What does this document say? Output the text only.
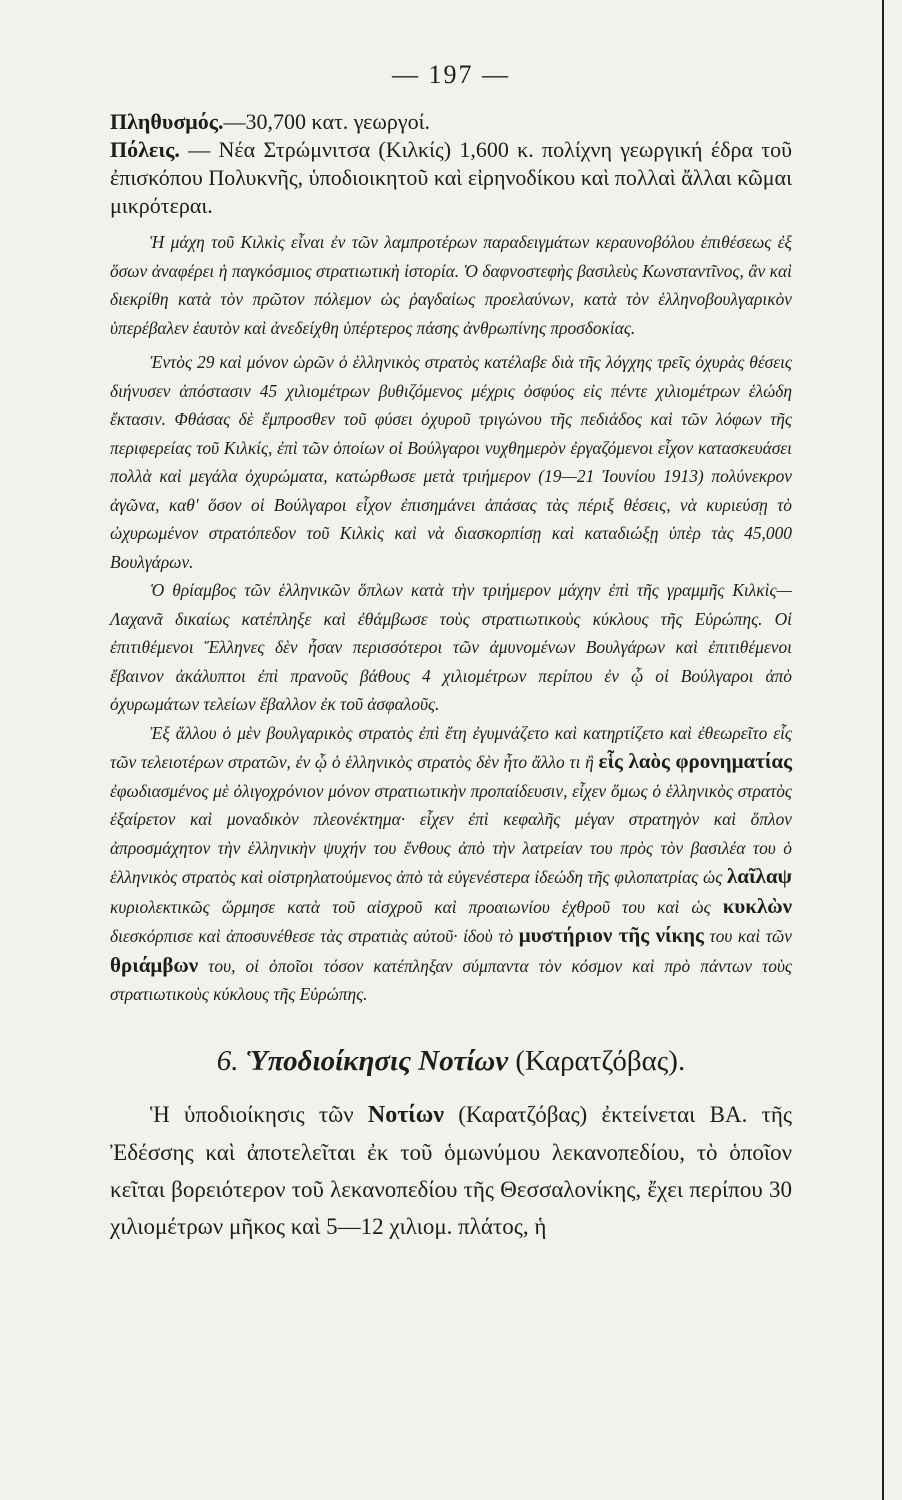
— 197 —

Πληθυσμός.—30,700 κατ. γεωργοί.

Πόλεις. — Νέα Στρώμνιτσα (Κιλκίς) 1,600 κ. πολίχνη γεωργική έδρα τοῦ ἐπισκόπου Πολυκνῆς, ὑποδιοικητοῦ καὶ εἰρηνοδίκου καὶ πολλαὶ ἄλλαι κῶμαι μικρότεραι.

Ἡ μάχη τοῦ Κιλκὶς εἶναι ἐν τῶν λαμπροτέρων παραδειγμάτων κεραυνοβόλου ἐπιθέσεως ἐξ ὅσων ἀναφέρει ἡ παγκόσμιος στρατιωτικὴ ἱστορία. Ὁ δαφνοστεφὴς βασιλεὺς Κωνσταντῖνος, ἂν καὶ διεκρίθη κατὰ τὸν πρῶτον πόλεμον ὡς ῥαγδαίως προελαύνων, κατὰ τὸν ἑλληνοβουλγαρικὸν ὑπερέβαλεν ἑαυτὸν καὶ ἀνεδείχθη ὑπέρτερος πάσης ἀνθρωπίνης προσδοκίας.

Ἐντὸς 29 καὶ μόνον ὡρῶν ὁ ἑλληνικὸς στρατὸς κατέλαβε διὰ τῆς λόγχης τρεῖς ὀχυρὰς θέσεις διήνυσεν ἀπόστασιν 45 χιλιομέτρων βυθιζόμενος μέχρις ὀσφύος εἰς πέντε χιλιομέτρων ἑλώδη ἔκτασιν. Φθάσας δὲ ἔμπροσθεν τοῦ φύσει ὀχυροῦ τριγώνου τῆς πεδιάδος καὶ τῶν λόφων τῆς περιφερείας τοῦ Κιλκίς, ἐπὶ τῶν ὁποίων οἱ Βούλγαροι νυχθημερὸν ἐργαζόμενοι εἶχον κατασκευάσει πολλὰ καὶ μεγάλα ὀχυρώματα, κατώρθωσε μετὰ τριήμερον (19—21 Ἰουνίου 1913) πολύνεκρον ἀγῶνα, καθ' ὅσον οἱ Βούλγαροι εἶχον ἐπισημάνει ἁπάσας τὰς πέριξ θέσεις, νὰ κυριεύσῃ τὸ ὠχυρωμένον στρατόπεδον τοῦ Κιλκὶς καὶ νὰ διασκορπίσῃ καὶ καταδιώξῃ ὑπὲρ τὰς 45,000 Βουλγάρων.

Ὁ θρίαμβος τῶν ἑλληνικῶν ὅπλων κατὰ τὴν τριήμερον μάχην ἐπὶ τῆς γραμμῆς Κιλκὶς—Λαχανᾶ δικαίως κατέπληξε καὶ ἐθάμβωσε τοὺς στρατιωτικοὺς κύκλους τῆς Εὐρώπης. Οἱ ἐπιτιθέμενοι Ἕλληνες δὲν ἦσαν περισσότεροι τῶν ἀμυνομένων Βουλγάρων καὶ ἐπιτιθέμενοι ἔβαινον ἀκάλυπτοι ἐπὶ πρανοῦς βάθους 4 χιλιομέτρων περίπου ἐν ᾧ οἱ Βούλγαροι ἀπὸ ὀχυρωμάτων τελείων ἔβαλλον ἐκ τοῦ ἀσφαλοῦς.

Ἐξ ἄλλου ὁ μὲν βουλγαρικὸς στρατὸς ἐπὶ ἔτη ἐγυμνάζετο καὶ κατηρτίζετο καὶ ἐθεωρεῖτο εἷς τῶν τελειοτέρων στρατῶν, ἐν ᾧ ὁ ἑλληνικὸς στρατὸς δὲν ἦτο ἄλλο τι ἢ εἷς λαὸς φρονηματίας ἐφωδιασμένος μὲ ὀλιγοχρόνιον μόνον στρατιωτικὴν προπαίδευσιν, εἶχεν ὅμως ὁ ἑλληνικὸς στρατὸς ἐξαίρετον καὶ μοναδικὸν πλεονέκτημα· εἶχεν ἐπὶ κεφαλῆς μέγαν στρατηγὸν καὶ ὅπλον ἀπροσμάχητον τὴν ἑλληνικὴν ψυχήν του ἔνθους ἀπὸ τὴν λατρείαν του πρὸς τὸν βασιλέα του ὁ ἑλληνικὸς στρατὸς καὶ οἰστρηλατούμενος ἀπὸ τὰ εὐγενέστερα ἰδεώδη τῆς φιλοπατρίας ὡς λαῖλαψ κυριολεκτικῶς ὥρμησε κατὰ τοῦ αἰσχροῦ καὶ προαιωνίου ἐχθροῦ του καὶ ὡς κυκλὼν διεσκόρπισε καὶ ἀποσυνέθεσε τὰς στρατιὰς αὐτοῦ· ἰδοὺ τὸ μυστήριον τῆς νίκης του καὶ τῶν θριάμβων του, οἱ ὁποῖοι τόσον κατέπληξαν σύμπαντα τὸν κόσμον καὶ πρὸ πάντων τοὺς στρατιωτικοὺς κύκλους τῆς Εὐρώπης.

6. Ὑποδιοίκησις Νοτίων (Καρατζόβας).

Ἡ ὑποδιοίκησις τῶν Νοτίων (Καρατζόβας) ἐκτείνεται ΒΑ. τῆς Ἐδέσσης καὶ ἀποτελεῖται ἐκ τοῦ ὁμωνύμου λεκανοπεδίου, τὸ ὁποῖον κεῖται βορειότερον τοῦ λεκανοπεδίου τῆς Θεσσαλονίκης, ἔχει περίπου 30 χιλιομέτρων μῆκος καὶ 5—12 χιλιομ. πλάτος, ἡ
